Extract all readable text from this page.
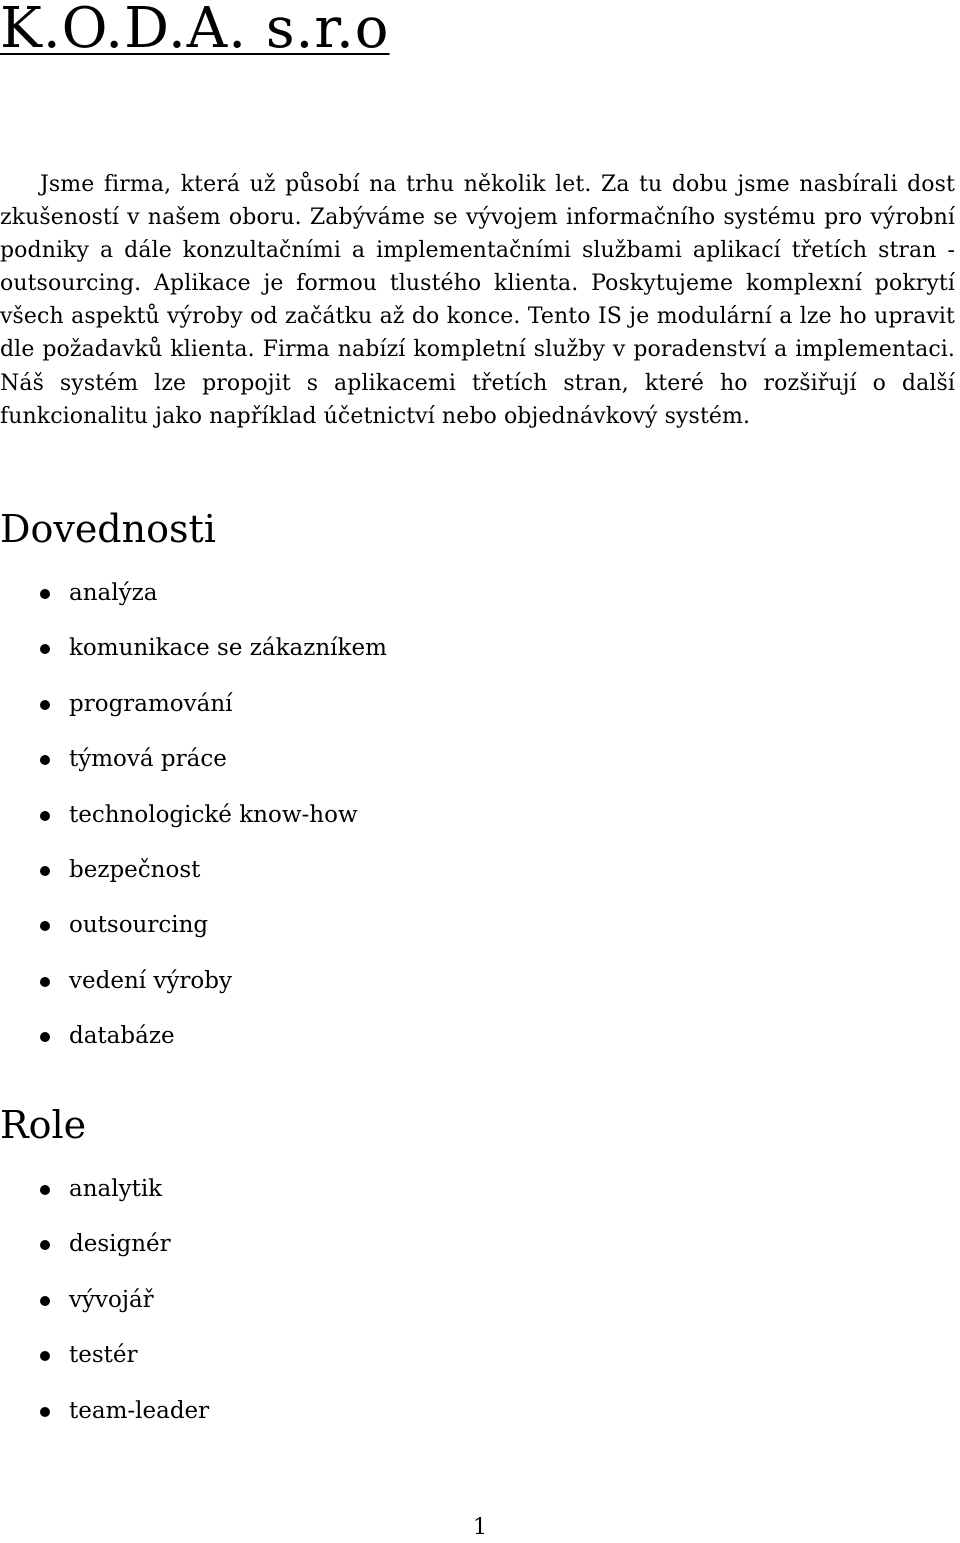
K.O.D.A. s.r.o

Jsme firma, která už působí na trhu několik let. Za tu dobu jsme nasbírali dost zkušeností v našem oboru. Zabýváme se vývojem informačního systému pro výrobní podniky a dále konzultačními a implementačními službami aplikací třetích stran - outsourcing. Aplikace je formou tlustého klienta. Poskytujeme komplexní pokrytí všech aspektů výroby od začátku až do konce. Tento IS je modulární a lze ho upravit dle požadavků klienta. Firma nabízí kompletní služby v poradenství a implementaci. Náš systém lze propojit s aplikacemi třetích stran, které ho rozšiřují o další funkcionalitu jako například účetnictví nebo objednávkový systém.

Dovednosti
analýza
komunikace se zákazníkem
programování
týmová práce
technologické know-how
bezpečnost
outsourcing
vedení výroby
databáze
Role
analytik
designér
vývojář
testér
team-leader
1
